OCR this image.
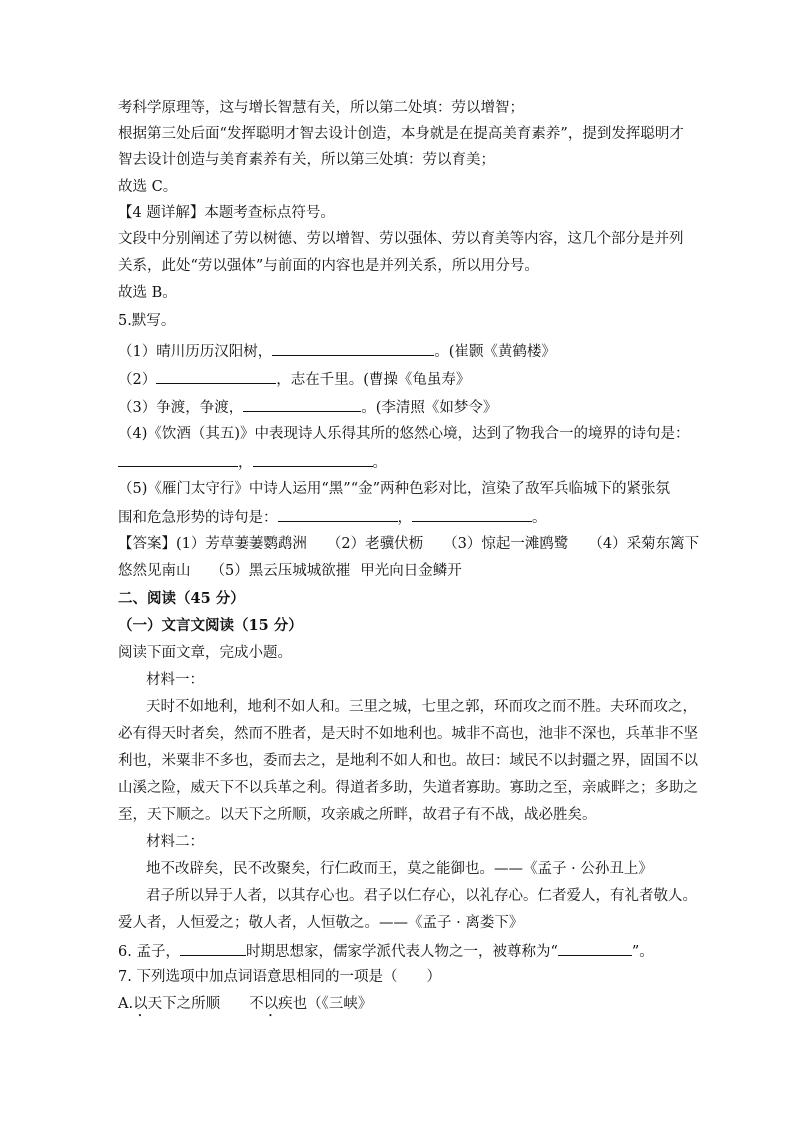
考科学原理等，这与增长智慧有关，所以第二处填：劳以增智；
根据第三处后面“发挥聪明才智去设计创造，本身就是在提高美育素养”，提到发挥聪明才
智去设计创造与美育素养有关，所以第三处填：劳以育美；
故选 C。
【4 题详解】本题考查标点符号。
文段中分别阐述了劳以树德、劳以增智、劳以强体、劳以育美等内容，这几个部分是并列
关系，此处“劳以强体”与前面的内容也是并列关系，所以用分号。
故选 B。
5.默写。
（1）晴川历历汉阳树，	。(崔颢《黄鹤楼》
（2）	，志在千里。(曹操《龟虽寿》
（3）争渡，争渡，	。(李清照《如梦令》
（4)《饮酒（其五)》中表现诗人乐得其所的悠然心境，达到了物我合一的境界的诗句是：
，	。
（5)《雁门太守行》中诗人运用“黑”“金”两种色彩对比，渲染了敌军兵临城下的紧张氛
围和危急形势的诗句是：	，	。
【答案】(1）芳草萋萋鹦鹉洲 （2）老骥伏枥 （3）惊起一滩鸥鹭 （4）采菊东篱下
悠然见南山 （5）黑云压城城欲摧 甲光向日金鳞开
二、阅读（45 分）
（一）文言文阅读（15 分）
阅读下面文章，完成小题。
材料一：
天时不如地利，地利不如人和。三里之城，七里之郭，环而攻之而不胜。夫环而攻之，
必有得天时者矣，然而不胜者，是天时不如地利也。城非不高也，池非不深也，兵革非不坚
利也，米粟非不多也，委而去之，是地利不如人和也。故曰：域民不以封疆之界，固国不以
山溪之险，威天下不以兵革之利。得道者多助，失道者寡助。寡助之至，亲戚畔之；多助之
至，天下顺之。以天下之所顺，攻亲戚之所畔，故君子有不战，战必胜矣。
材料二：
地不改辟矣，民不改聚矣，行仁政而王，莫之能御也。——《孟子 · 公孙丑上》
君子所以异于人者，以其存心也。君子以仁存心，以礼存心。仁者爱人，有礼者敬人。
爱人者，人恒爱之；敬人者，人恒敬之。——《孟子 · 离娄下》
6. 孟子，	时期思想家，儒家学派代表人物之一，被尊称为“	”。
7. 下列选项中加点词语意思相同的一项是（　　）
A.以天下之所顺　　不以疾也（《三峡》
